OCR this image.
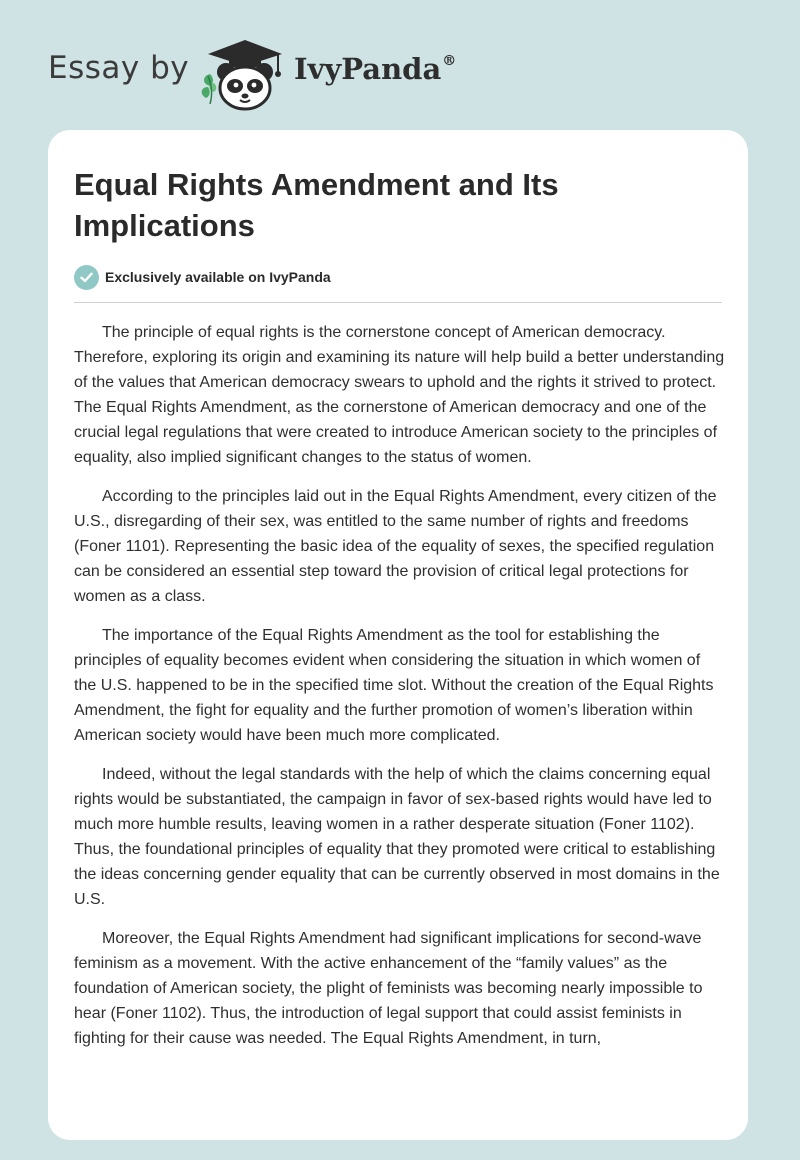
Essay by	IvyPanda®
Equal Rights Amendment and Its Implications
Exclusively available on IvyPanda

The principle of equal rights is the cornerstone concept of American democracy. Therefore, exploring its origin and examining its nature will help build a better understanding of the values that American democracy swears to uphold and the rights it strived to protect. The Equal Rights Amendment, as the cornerstone of American democracy and one of the crucial legal regulations that were created to introduce American society to the principles of equality, also implied significant changes to the status of women.

According to the principles laid out in the Equal Rights Amendment, every citizen of the U.S., disregarding of their sex, was entitled to the same number of rights and freedoms (Foner 1101). Representing the basic idea of the equality of sexes, the specified regulation can be considered an essential step toward the provision of critical legal protections for women as a class.

The importance of the Equal Rights Amendment as the tool for establishing the principles of equality becomes evident when considering the situation in which women of the U.S. happened to be in the specified time slot. Without the creation of the Equal Rights Amendment, the fight for equality and the further promotion of women’s liberation within American society would have been much more complicated.

Indeed, without the legal standards with the help of which the claims concerning equal rights would be substantiated, the campaign in favor of sex-based rights would have led to much more humble results, leaving women in a rather desperate situation (Foner 1102). Thus, the foundational principles of equality that they promoted were critical to establishing the ideas concerning gender equality that can be currently observed in most domains in the U.S.

Moreover, the Equal Rights Amendment had significant implications for second-wave feminism as a movement. With the active enhancement of the “family values” as the foundation of American society, the plight of feminists was becoming nearly impossible to hear (Foner 1102). Thus, the introduction of legal support that could assist feminists in fighting for their cause was needed. The Equal Rights Amendment, in turn,
